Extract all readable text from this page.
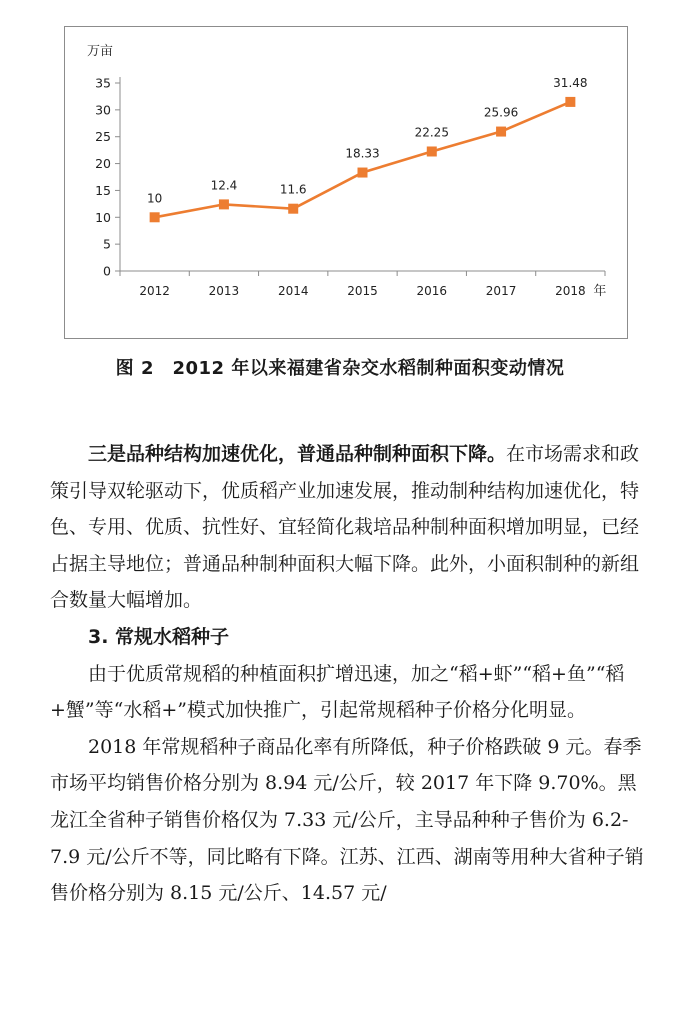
万亩
0
5
10
15
20
25
30
35
2012	2013	2014	2015	2016	2017	2018 年
10
12.4	11.6
18.33
22.25
25.96
31.48
图 2　2012 年以来福建省杂交水稻制种面积变动情况

三是品种结构加速优化，普通品种制种面积下降。在市场需求和政策引导双轮驱动下，优质稻产业加速发展，推动制种结构加速优化，特色、专用、优质、抗性好、宜轻简化栽培品种制种面积增加明显，已经占据主导地位；普通品种制种面积大幅下降。此外，小面积制种的新组合数量大幅增加。

3. 常规水稻种子

由于优质常规稻的种植面积扩增迅速，加之“稻+虾”“稻+鱼”“稻+蟹”等“水稻+”模式加快推广，引起常规稻种子价格分化明显。

2018 年常规稻种子商品化率有所降低，种子价格跌破 9 元。春季市场平均销售价格分别为 8.94 元/公斤，较 2017 年下降 9.70%。黑龙江全省种子销售价格仅为 7.33 元/公斤，主导品种种子售价为 6.2-7.9 元/公斤不等，同比略有下降。江苏、江西、湖南等用种大省种子销售价格分别为 8.15 元/公斤、14.57 元/
